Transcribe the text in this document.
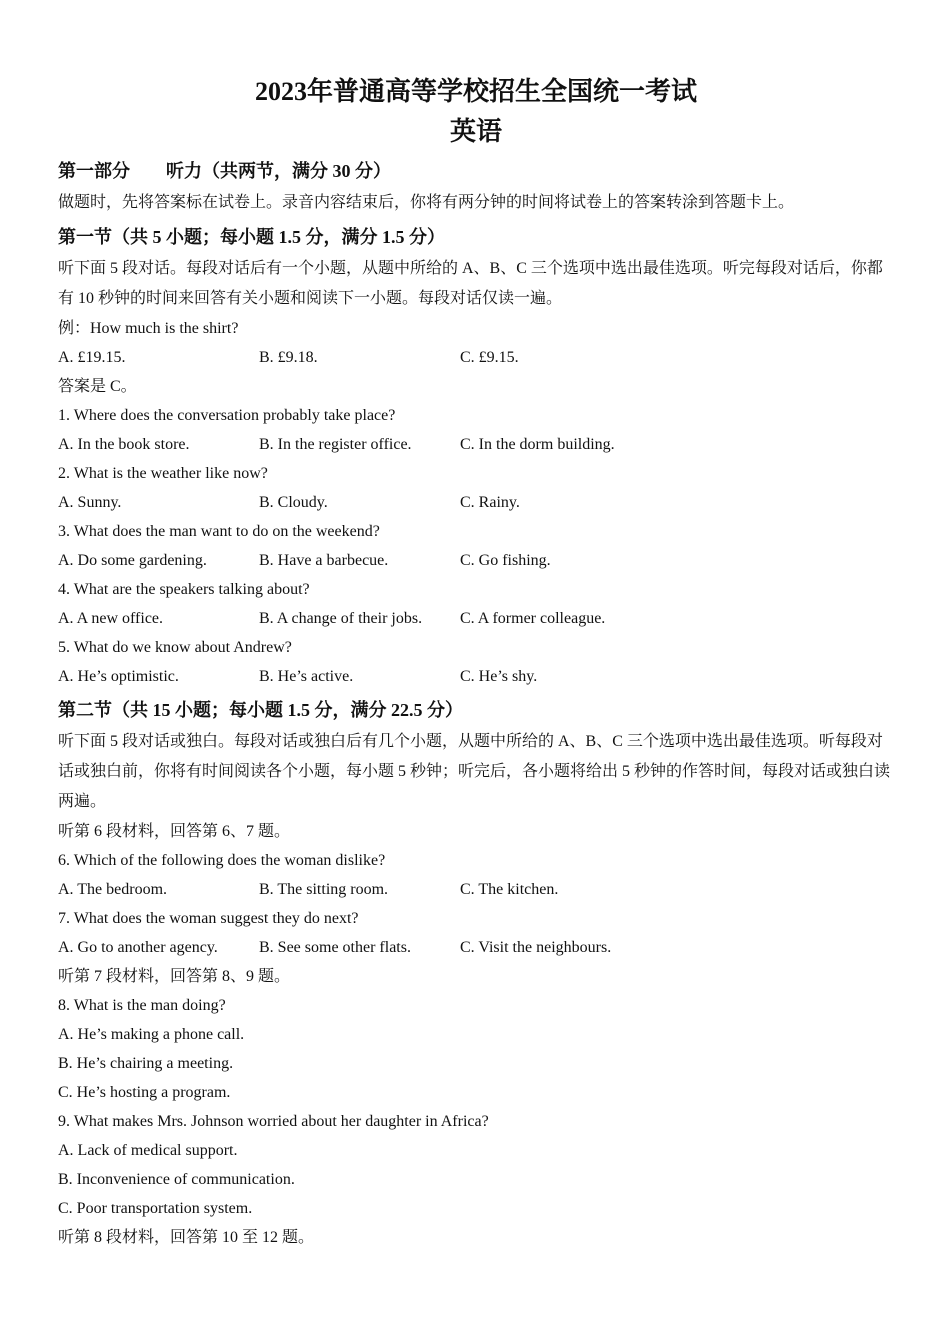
2023年普通高等学校招生全国统一考试
英语
第一部分　　听力（共两节，满分 30 分）

做题时，先将答案标在试卷上。录音内容结束后，你将有两分钟的时间将试卷上的答案转涂到答题卡上。

第一节（共 5 小题；每小题 1.5 分，满分 1.5 分）

听下面 5 段对话。每段对话后有一个小题，从题中所给的 A、B、C 三个选项中选出最佳选项。听完每段对话后，你都有 10 秒钟的时间来回答有关小题和阅读下一小题。每段对话仅读一遍。

例：How much is the shirt?

A. £19.15.	B. £9.18.	C. £9.15.

答案是 C。

1. Where does the conversation probably take place?

A. In the book store.	B. In the register office.	C. In the dorm building.

2. What is the weather like now?

A. Sunny.	B. Cloudy.	C. Rainy.

3. What does the man want to do on the weekend?

A. Do some gardening.	B. Have a barbecue.	C. Go fishing.

4. What are the speakers talking about?

A. A new office.	B. A change of their jobs.	C. A former colleague.

5. What do we know about Andrew?

A. He’s optimistic.	B. He’s active.	C. He’s shy.
第二节（共 15 小题；每小题 1.5 分，满分 22.5 分）

听下面 5 段对话或独白。每段对话或独白后有几个小题，从题中所给的 A、B、C 三个选项中选出最佳选项。听每段对话或独白前，你将有时间阅读各个小题，每小题 5 秒钟；听完后，各小题将给出 5 秒钟的作答时间，每段对话或独白读两遍。

听第 6 段材料，回答第 6、7 题。

6. Which of the following does the woman dislike?

A. The bedroom.	B. The sitting room.	C. The kitchen.

7. What does the woman suggest they do next?

A. Go to another agency.	B. See some other flats.	C. Visit the neighbours.

听第 7 段材料，回答第 8、9 题。

8. What is the man doing?

A. He’s making a phone call.

B. He’s chairing a meeting.

C. He’s hosting a program.

9. What makes Mrs. Johnson worried about her daughter in Africa?

A. Lack of medical support.

B. Inconvenience of communication.

C. Poor transportation system.

听第 8 段材料，回答第 10 至 12 题。
